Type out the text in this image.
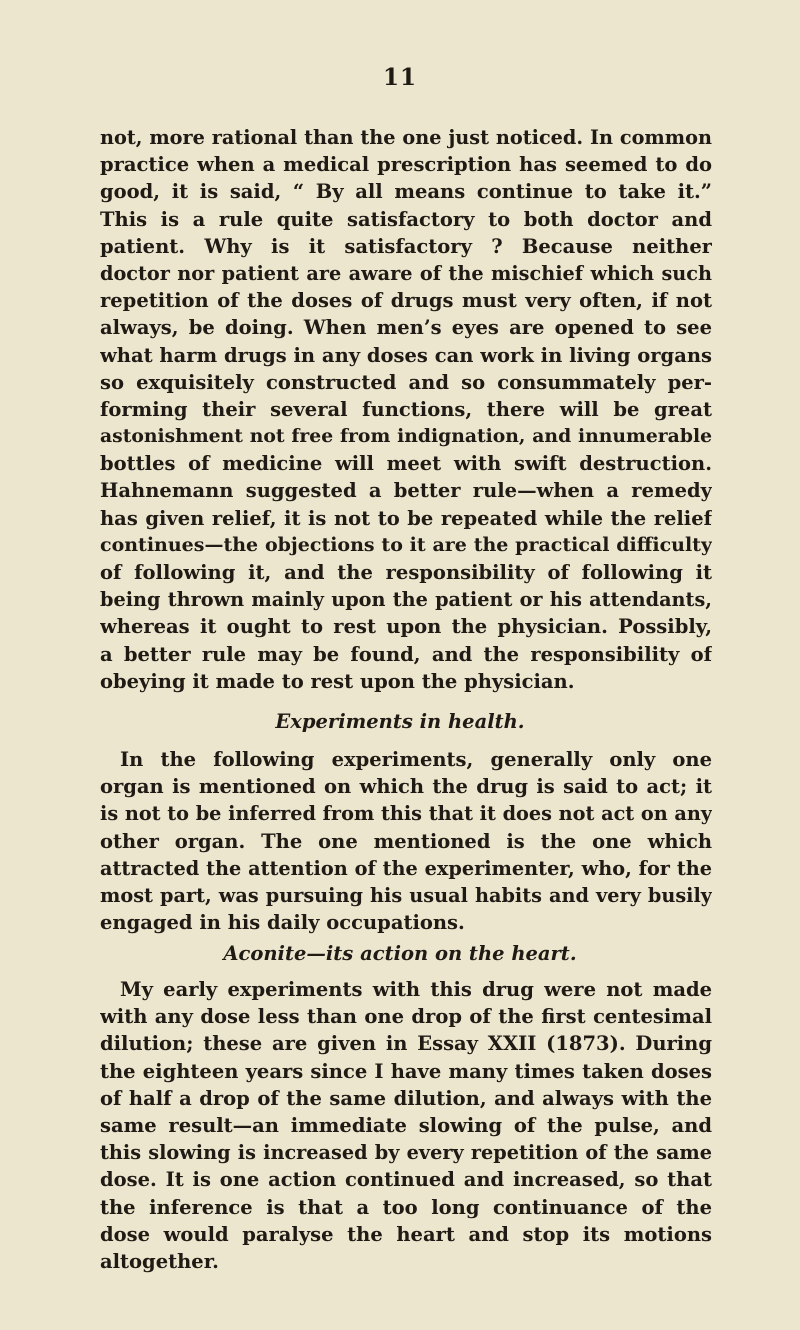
11
not, more rational than the one just noticed. In common
practice when a medical prescription has seemed to do
good, it is said, “ By all means continue to take it.”
This is a rule quite satisfactory to both doctor and
patient. Why is it satisfactory ? Because neither
doctor nor patient are aware of the mischief which such
repetition of the doses of drugs must very often, if not
always, be doing. When men’s eyes are opened to see
what harm drugs in any doses can work in living organs
so exquisitely constructed and so consummately per-
forming their several functions, there will be great
astonishment not free from indignation, and innumerable
bottles of medicine will meet with swift destruction.
Hahnemann suggested a better rule—when a remedy
has given relief, it is not to be repeated while the relief
continues—the objections to it are the practical difficulty
of following it, and the responsibility of following it
being thrown mainly upon the patient or his attendants,
whereas it ought to rest upon the physician. Possibly,
a better rule may be found, and the responsibility of
obeying it made to rest upon the physician.
Experiments in health.
In the following experiments, generally only one
organ is mentioned on which the drug is said to act; it
is not to be inferred from this that it does not act on any
other organ. The one mentioned is the one which
attracted the attention of the experimenter, who, for the
most part, was pursuing his usual habits and very busily
engaged in his daily occupations.
Aconite—its action on the heart.
My early experiments with this drug were not made
with any dose less than one drop of the first centesimal
dilution; these are given in Essay XXII (1873). During
the eighteen years since I have many times taken doses
of half a drop of the same dilution, and always with the
same result—an immediate slowing of the pulse, and
this slowing is increased by every repetition of the same
dose. It is one action continued and increased, so that
the inference is that a too long continuance of the
dose would paralyse the heart and stop its motions
altogether.
